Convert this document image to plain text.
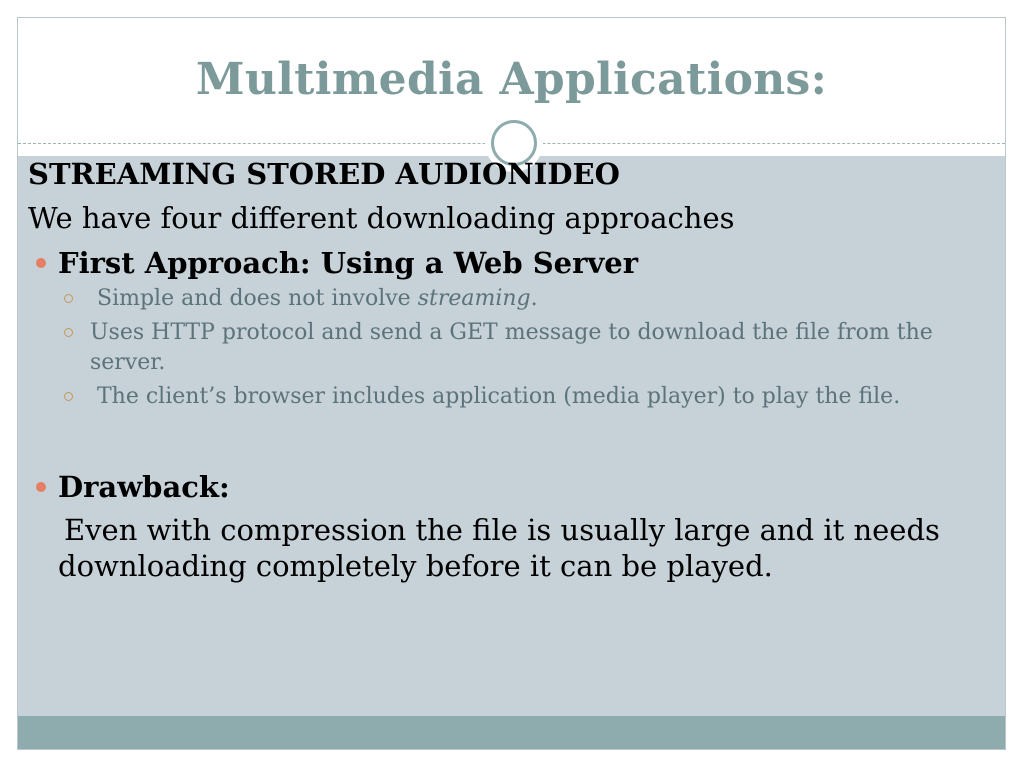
Multimedia Applications:
STREAMING STORED AUDIONIDEO
We have four different downloading approaches
First Approach: Using a Web Server
Simple and does not involve streaming.
Uses HTTP protocol and send a GET message to download the file from the server.
The client’s browser includes application (media player) to play the file.
Drawback:
Even with compression the file is usually large and it needs downloading completely before it can be played.
